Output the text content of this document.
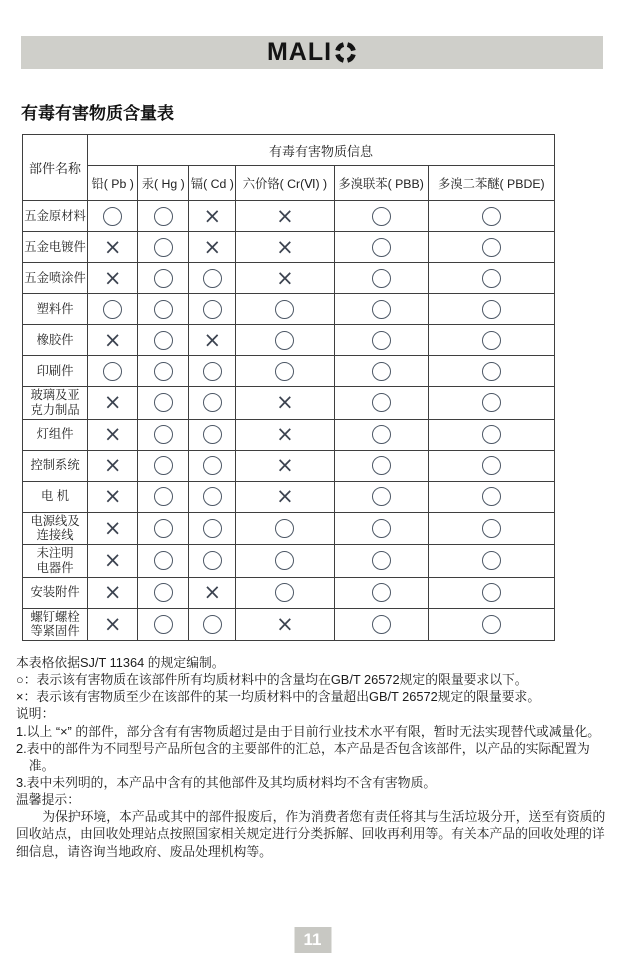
MALI
有毒有害物质含量表
部件名称	有毒有害物质信息					
	铅( Pb )	汞( Hg )	镉( Cd )	六价铬( Cr(Ⅵ) )	多溴联苯( PBB)	多溴二苯醚( PBDE)
五金原材料			×	×		
五金电镀件	×		×	×		
五金喷涂件	×			×		
塑料件						
橡胶件	×		×			
印刷件						
玻璃及亚
克力制品	×			×		
灯组件	×			×		
控制系统	×			×		
电 机	×			×		
电源线及
连接线	×					
未注明
电器件	×					
安装附件	×		×			
螺钉螺栓
等紧固件	×			×		

本表格依据SJ/T 11364 的规定编制。

○：表示该有害物质在该部件所有均质材料中的含量均在GB/T 26572规定的限量要求以下。

×：表示该有害物质至少在该部件的某一均质材料中的含量超出GB/T 26572规定的限量要求。

说明：

1.以上 “×” 的部件，部分含有有害物质超过是由于目前行业技术水平有限，暂时无法实现替代或减量化。

2.表中的部件为不同型号产品所包含的主要部件的汇总，本产品是否包含该部件，以产品的实际配置为准。

3.表中未列明的，本产品中含有的其他部件及其均质材料均不含有害物质。

温馨提示：

为保护环境，本产品或其中的部件报废后，作为消费者您有责任将其与生活垃圾分开，送至有资质的回收站点，由回收处理站点按照国家相关规定进行分类拆解、回收再利用等。有关本产品的回收处理的详细信息，请咨询当地政府、废品处理机构等。

11
